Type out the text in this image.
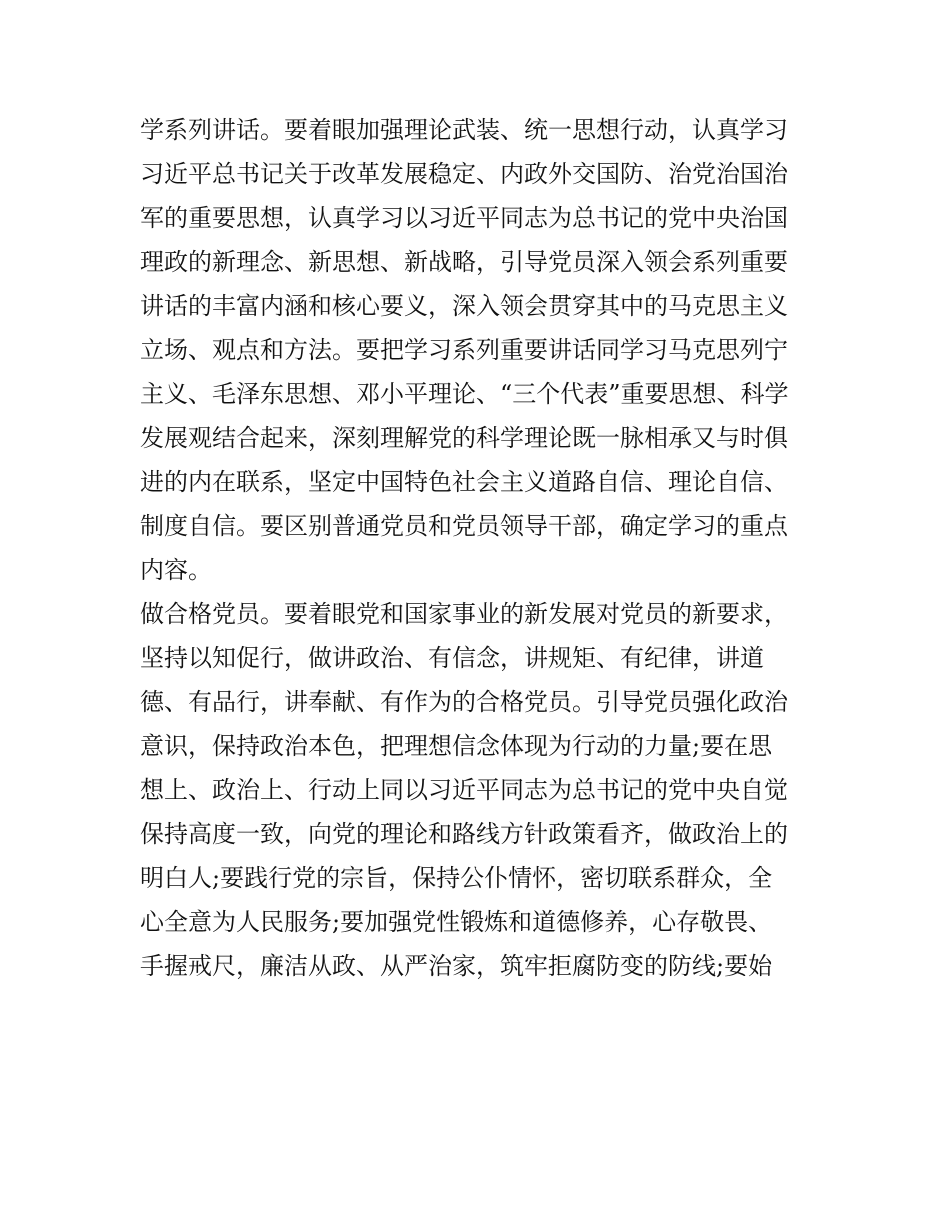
学系列讲话。要着眼加强理论武装、统一思想行动，认真学习
习近平总书记关于改革发展稳定、内政外交国防、治党治国治
军的重要思想，认真学习以习近平同志为总书记的党中央治国
理政的新理念、新思想、新战略，引导党员深入领会系列重要
讲话的丰富内涵和核心要义，深入领会贯穿其中的马克思主义
立场、观点和方法。要把学习系列重要讲话同学习马克思列宁
主义、毛泽东思想、邓小平理论、“三个代表”重要思想、科学
发展观结合起来，深刻理解党的科学理论既一脉相承又与时俱
进的内在联系，坚定中国特色社会主义道路自信、理论自信、
制度自信。要区别普通党员和党员领导干部，确定学习的重点
内容。
做合格党员。要着眼党和国家事业的新发展对党员的新要求，
坚持以知促行，做讲政治、有信念，讲规矩、有纪律，讲道
德、有品行，讲奉献、有作为的合格党员。引导党员强化政治
意识，保持政治本色，把理想信念体现为行动的力量;要在思
想上、政治上、行动上同以习近平同志为总书记的党中央自觉
保持高度一致，向党的理论和路线方针政策看齐，做政治上的
明白人;要践行党的宗旨，保持公仆情怀，密切联系群众，全
心全意为人民服务;要加强党性锻炼和道德修养，心存敬畏、
手握戒尺，廉洁从政、从严治家，筑牢拒腐防变的防线;要始
